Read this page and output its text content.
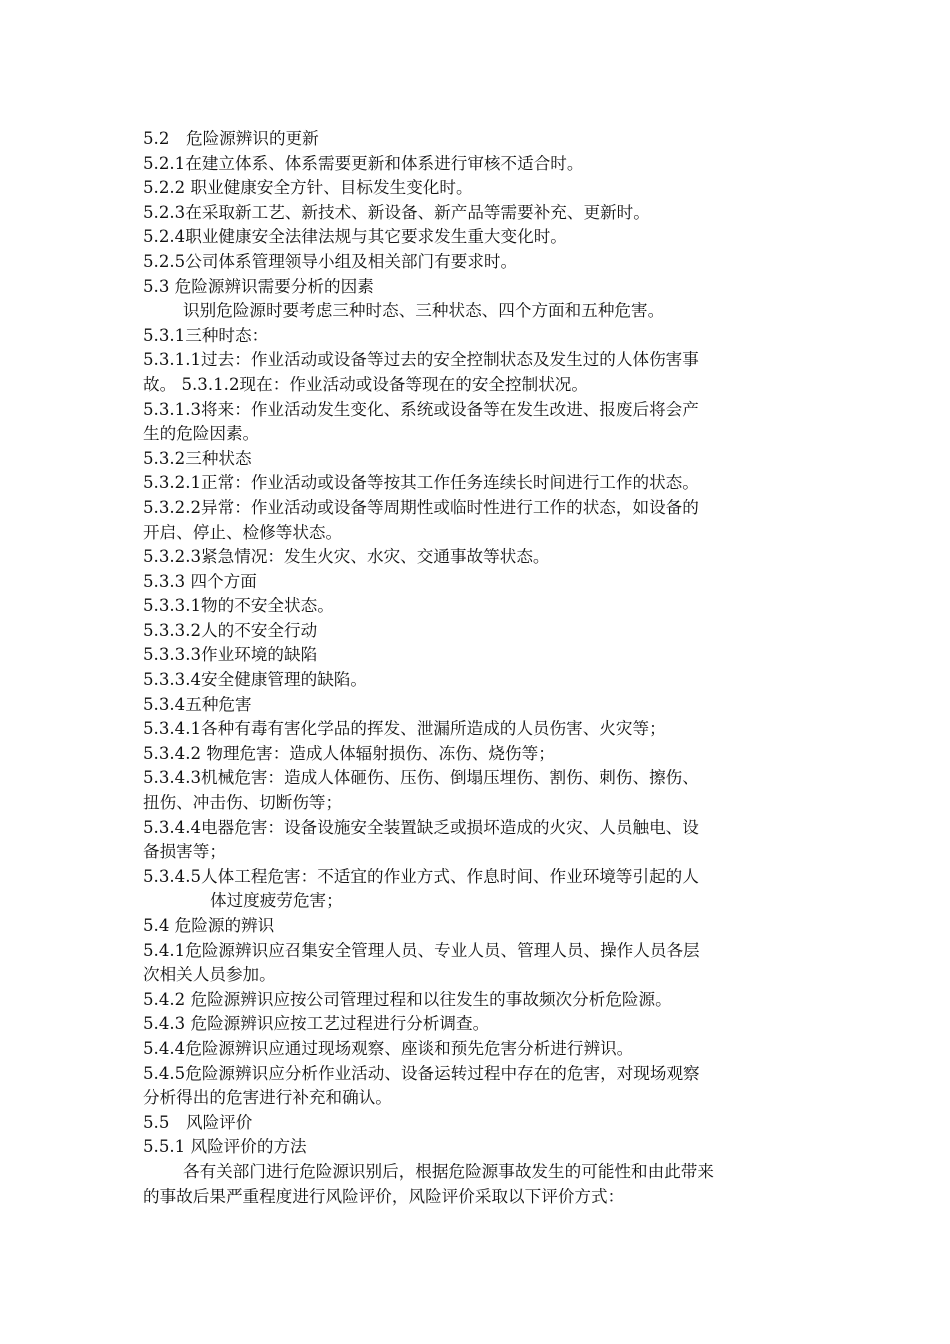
5.2　危险源辨识的更新
5.2.1在建立体系、体系需要更新和体系进行审核不适合时。
5.2.2 职业健康安全方针、目标发生变化时。
5.2.3在采取新工艺、新技术、新设备、新产品等需要补充、更新时。
5.2.4职业健康安全法律法规与其它要求发生重大变化时。
5.2.5公司体系管理领导小组及相关部门有要求时。
5.3 危险源辨识需要分析的因素
识别危险源时要考虑三种时态、三种状态、四个方面和五种危害。
5.3.1三种时态：
5.3.1.1过去：作业活动或设备等过去的安全控制状态及发生过的人体伤害事
故。 5.3.1.2现在：作业活动或设备等现在的安全控制状况。
5.3.1.3将来：作业活动发生变化、系统或设备等在发生改进、报废后将会产
生的危险因素。
5.3.2三种状态
5.3.2.1正常：作业活动或设备等按其工作任务连续长时间进行工作的状态。
5.3.2.2异常：作业活动或设备等周期性或临时性进行工作的状态，如设备的
开启、停止、检修等状态。
5.3.2.3紧急情况：发生火灾、水灾、交通事故等状态。
5.3.3 四个方面
5.3.3.1物的不安全状态。
5.3.3.2人的不安全行动
5.3.3.3作业环境的缺陷
5.3.3.4安全健康管理的缺陷。
5.3.4五种危害
5.3.4.1各种有毒有害化学品的挥发、泄漏所造成的人员伤害、火灾等；
5.3.4.2 物理危害：造成人体辐射损伤、冻伤、烧伤等；
5.3.4.3机械危害：造成人体砸伤、压伤、倒塌压埋伤、割伤、刺伤、擦伤、
扭伤、冲击伤、切断伤等；
5.3.4.4电器危害：设备设施安全装置缺乏或损坏造成的火灾、人员触电、设
备损害等；
5.3.4.5人体工程危害：不适宜的作业方式、作息时间、作业环境等引起的人
体过度疲劳危害；
5.4 危险源的辨识
5.4.1危险源辨识应召集安全管理人员、专业人员、管理人员、操作人员各层
次相关人员参加。
5.4.2 危险源辨识应按公司管理过程和以往发生的事故频次分析危险源。
5.4.3 危险源辨识应按工艺过程进行分析调查。
5.4.4危险源辨识应通过现场观察、座谈和预先危害分析进行辨识。
5.4.5危险源辨识应分析作业活动、设备运转过程中存在的危害，对现场观察
分析得出的危害进行补充和确认。
5.5　风险评价
5.5.1 风险评价的方法
各有关部门进行危险源识别后，根据危险源事故发生的可能性和由此带来
的事故后果严重程度进行风险评价，风险评价采取以下评价方式：
